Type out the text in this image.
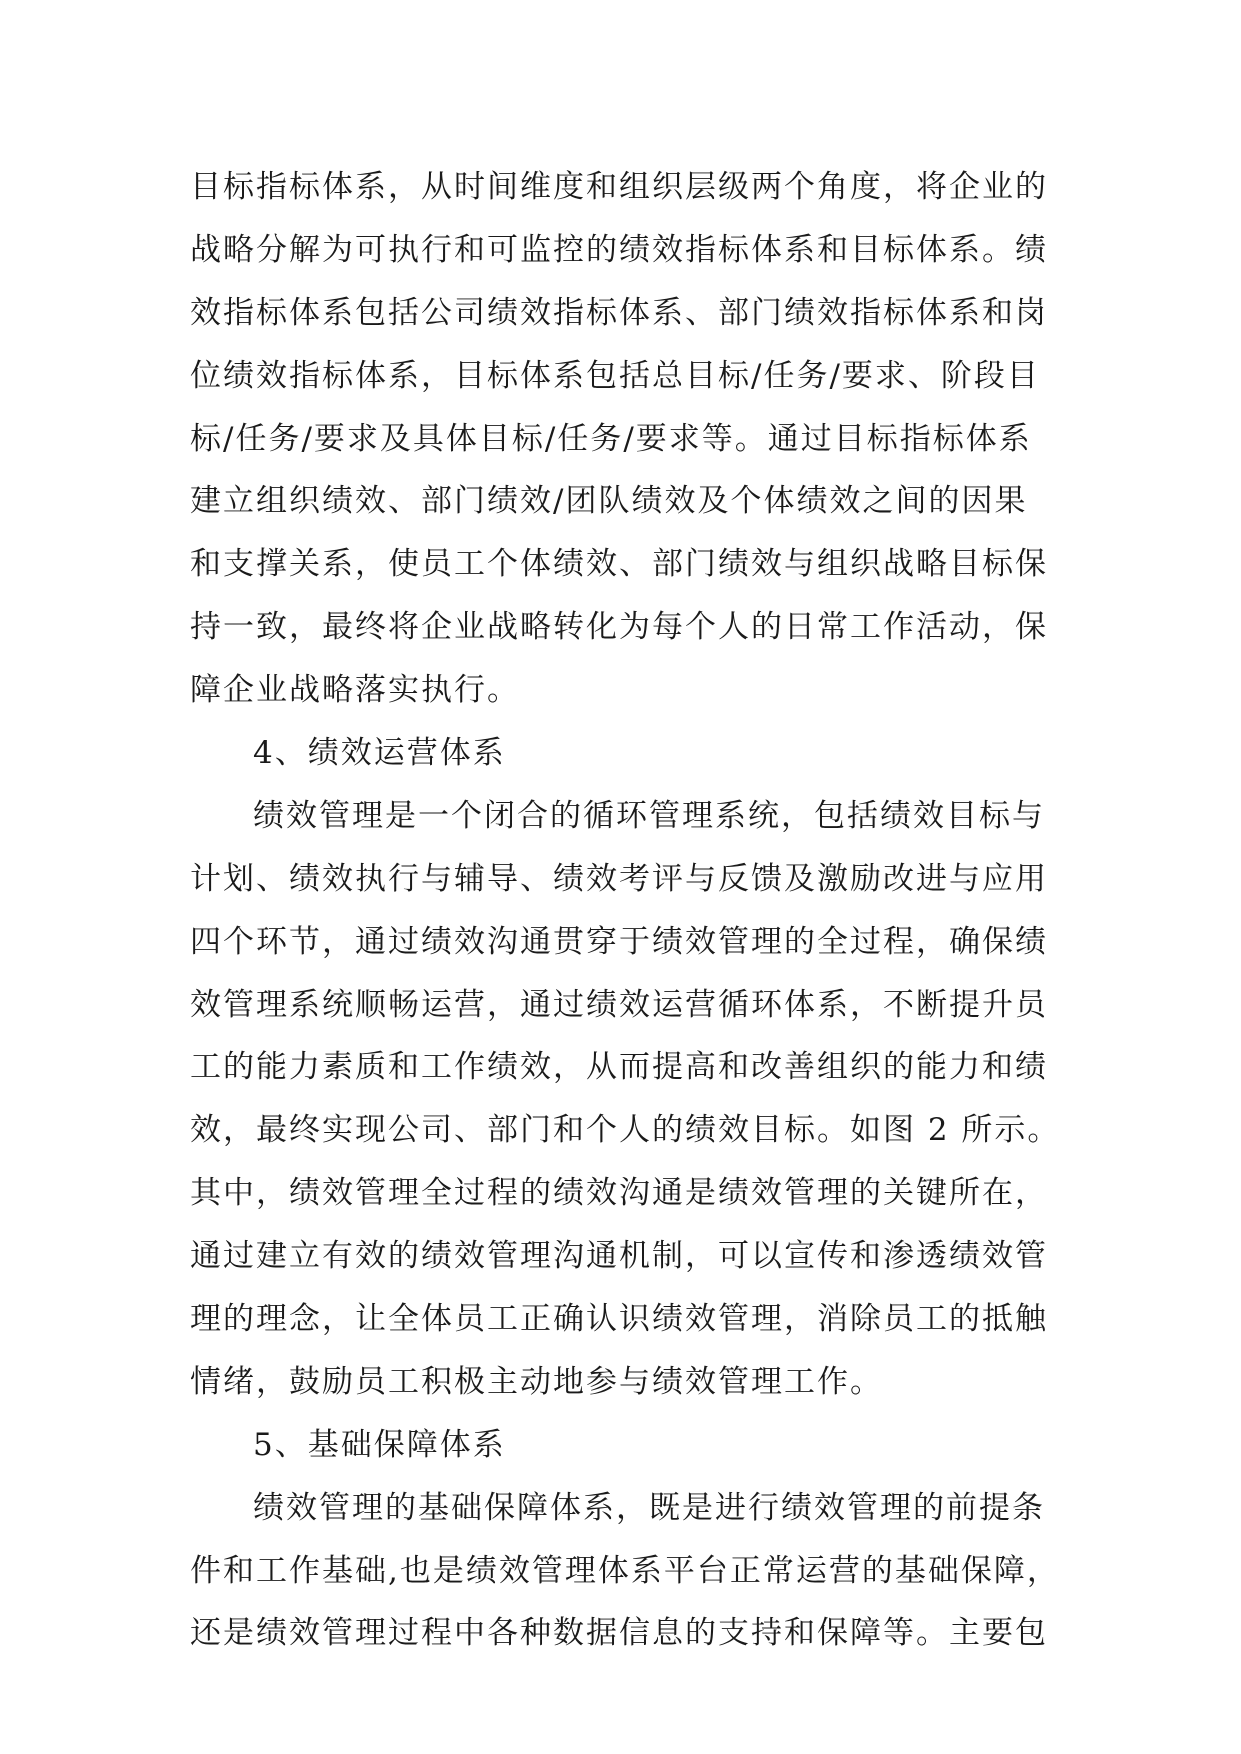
目标指标体系，从时间维度和组织层级两个角度，将企业的
战略分解为可执行和可监控的绩效指标体系和目标体系。绩
效指标体系包括公司绩效指标体系、部门绩效指标体系和岗
位绩效指标体系，目标体系包括总目标/任务/要求、阶段目
标/任务/要求及具体目标/任务/要求等。通过目标指标体系
建立组织绩效、部门绩效/团队绩效及个体绩效之间的因果
和支撑关系，使员工个体绩效、部门绩效与组织战略目标保
持一致，最终将企业战略转化为每个人的日常工作活动，保
障企业战略落实执行。
4、绩效运营体系
绩效管理是一个闭合的循环管理系统，包括绩效目标与
计划、绩效执行与辅导、绩效考评与反馈及激励改进与应用
四个环节，通过绩效沟通贯穿于绩效管理的全过程，确保绩
效管理系统顺畅运营，通过绩效运营循环体系，不断提升员
工的能力素质和工作绩效，从而提高和改善组织的能力和绩
效，最终实现公司、部门和个人的绩效目标。如图 2 所示。
其中，绩效管理全过程的绩效沟通是绩效管理的关键所在，
通过建立有效的绩效管理沟通机制，可以宣传和渗透绩效管
理的理念，让全体员工正确认识绩效管理，消除员工的抵触
情绪，鼓励员工积极主动地参与绩效管理工作。
5、基础保障体系
绩效管理的基础保障体系，既是进行绩效管理的前提条
件和工作基础,也是绩效管理体系平台正常运营的基础保障，
还是绩效管理过程中各种数据信息的支持和保障等。主要包
